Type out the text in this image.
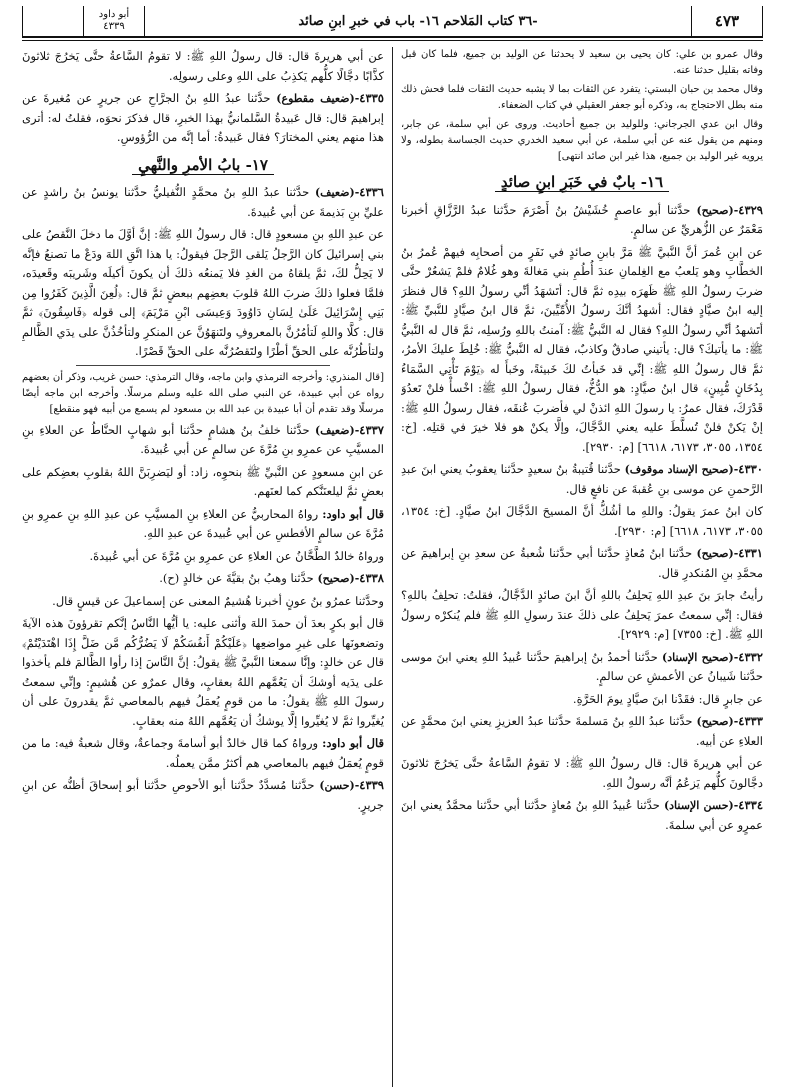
أبو داود
٤٣٣٩	-٣٦ كتاب المَلاحم ١٦- باب في خبرِ ابنِ صائد	٤٧٣

عن أبي هريرةَ قال: قال رسولُ اللهِ ﷺ: لا تقومُ السَّاعةُ حتَّى يَخرُجَ ثلاثونَ كذَّابًا دجَّالًا كلُّهم يَكذِبُ على اللهِ وعلى رسولِه.

٤٣٣٥-(ضعيف مقطوع) حدَّثنا عبدُ اللهِ بنُ الجرَّاحِ عن جريرٍ عن مُغيرةَ عن إبراهيمَ قال: قال عَبيدةُ السَّلمانيُّ بهذا الخبرِ، قال فذكرَ نحوَه، فقلتُ له: أترى هذا منهم يعني المختارَ؟ فقال عَبيدةُ: أما إنَّه من الرُّؤوسِ.

١٧- بابُ الأمرِ والنَّهيِ

٤٣٣٦-(ضعيف) حدَّثنا عبدُ اللهِ بنُ محمَّدٍ النُّفيليُّ حدَّثنا يونسُ بنُ راشدٍ عن عليِّ بنِ بَذيمةَ عن أبي عُبيدةَ.

عن عبدِ اللهِ بنِ مسعودٍ قال: قال رسولُ اللهِ ﷺ: إنَّ أوَّلَ ما دخلَ النَّقصُ على بني إسرائيلَ كان الرَّجلُ يَلقى الرَّجلَ فيقولُ: يا هذا اتَّقِ اللهَ ودَعْ ما تصنعُ فإنَّه لا يَحِلُّ لكَ، ثمَّ يلقاهُ من الغدِ فلا يَمنعُه ذلكَ أن يكونَ أكيلَه وشَريبَه وقَعيدَه، فلمَّا فعلوا ذلكَ ضربَ اللهُ قلوبَ بعضِهم ببعضٍ ثمَّ قال: ﴿لُعِنَ الَّذِينَ كَفَرُوا مِن بَنِي إِسْرَائِيلَ عَلَىٰ لِسَانِ دَاوُودَ وَعِيسَى ابْنِ مَرْيَمَ﴾ إلى قوله ﴿فَاسِقُونَ﴾ ثمَّ قال: كلَّا واللهِ لَتأمُرُنَّ بالمعروفِ ولتَنهَوُنَّ عن المنكرِ ولتأخُذُنَّ على يدَي الظَّالمِ ولتأطُرُنَّه على الحقِّ أطْرًا ولتَقصُرُنَّه على الحقِّ قَصْرًا.

[قال المنذري: وأخرجه الترمذي وابن ماجه، وقال الترمذي: حسن غريب، وذكر أن بعضهم رواه عن أبي عبيدة، عن النبي صلى الله عليه وسلم مرسلًا. وأخرجه ابن ماجه أيضًا مرسلًا وقد تقدم أن أبا عبيدة بن عبد الله بن مسعود لم يسمع من أبيه فهو منقطع]

٤٣٣٧-(ضعيف) حدَّثنا خلفُ بنُ هشامٍ حدَّثنا أبو شهابٍ الحنَّاطُ عن العلاءِ بنِ المسيَّبِ عن عمرِو بنِ مُرَّةَ عن سالمٍ عن أبي عُبيدةَ.

عن ابنِ مسعودٍ عن النَّبيِّ ﷺ بنحوِه، زاد: أو ليَضرِبَنَّ اللهُ بقلوبِ بعضِكم على بعضٍ ثمَّ ليلعنَنَّكم كما لعنَهم.

قال أبو داود: رواهُ المحاربيُّ عن العلاءِ بنِ المسيَّبِ عن عبدِ اللهِ بنِ عمرِو بنِ مُرَّةَ عن سالمٍ الأفطسِ عن أبي عُبيدةَ عن عبدِ اللهِ.

ورواهُ خالدٌ الطَّحَّانُ عن العلاءِ عن عمرِو بنِ مُرَّةَ عن أبي عُبيدةَ.

٤٣٣٨-(صحيح) حدَّثنا وهبُ بنُ بقيَّةَ عن خالدٍ (ح).

وحدَّثنا عمرُو بنُ عونٍ أخبرنا هُشيمٌ المعنى عن إسماعيلَ عن قيسٍ قال.

قال أبو بكرٍ بعدَ أن حمدَ اللهَ وأثنى عليه: يا أيُّها النَّاسُ إنَّكم تقرؤونَ هذه الآيةَ وتضعونَها على غيرِ مواضعِها ﴿عَلَيْكُمْ أَنفُسَكُمْ لَا يَضُرُّكُم مَّن ضَلَّ إِذَا اهْتَدَيْتُمْ﴾ قال عن خالدٍ: وإنَّا سمعنا النَّبيَّ ﷺ يقولُ: إنَّ النَّاسَ إذا رأوا الظَّالمَ فلم يأخذوا على يدَيه أوشكَ أن يَعُمَّهم اللهُ بعقابٍ، وقال عمرٌو عن هُشيمٍ: وإنِّي سمعتُ رسولَ اللهِ ﷺ يقولُ: ما من قومٍ يُعمَلُ فيهم بالمعاصي ثمَّ يقدرونَ على أن يُغيِّروا ثمَّ لا يُغيِّروا إلَّا يوشكُ أن يَعُمَّهم اللهُ منه بعقابٍ.

قال أبو داود: ورواهُ كما قال خالدٌ أبو أسامةَ وجماعةٌ، وقال شعبةُ فيه: ما من قومٍ يُعمَلُ فيهم بالمعاصي هم أكثرُ ممَّن يعملُه.

٤٣٣٩-(حسن) حدَّثنا مُسدَّدٌ حدَّثنا أبو الأحوصِ حدَّثنا أبو إسحاقَ أظنُّه عن ابنِ جريرٍ.

وقال عمرو بن علي: كان يحيى بن سعيد لا يحدثنا عن الوليد بن جميع، فلما كان قبل وفاته بقليل حدثنا عنه.

وقال محمد بن حبان البستي: يتفرد عن الثقات بما لا يشبه حديث الثقات فلما فحش ذلك منه بطل الاحتجاج به، وذكره أبو جعفر العقيلي في كتاب الضعفاء.

وقال ابن عدي الجرجاني: وللوليد بن جميع أحاديث. وروى عن أبي سلمة، عن جابر، ومنهم من يقول عنه عن أبي سلمة، عن أبي سعيد الخدري حديث الجساسة بطوله، ولا يرويه غير الوليد بن جميع، هذا غير ابن صائد انتهى]

١٦- بابٌ في خَبَرِ ابنِ صائدٍ

٤٣٢٩-(صحيح) حدَّثنا أبو عاصمٍ خُشَيْشُ بنُ أَصْرَمَ حدَّثنا عبدُ الرَّزَّاقِ أخبرنا مَعْمَرٌ عن الزُّهريِّ عن سالمٍ.

عن ابنِ عُمرَ أنَّ النَّبيَّ ﷺ مَرَّ بابنِ صائدٍ في نَفَرٍ من أصحابِه فيهمْ عُمرُ بنُ الخطَّابِ وهو يَلعبُ مع الغِلمانِ عندَ أُطُمِ بني مَغالةَ وهو غُلامٌ فلمْ يَشعُرْ حتَّى ضربَ رسولُ اللهِ ﷺ ظَهرَه بيدِه ثمَّ قال: أتَشهَدُ أنِّي رسولُ اللهِ؟ قال فنظرَ إليه ابنُ صيَّادٍ فقال: أشهدُ أنَّكَ رسولُ الأُمِّيِّينَ، ثمَّ قال ابنُ صيَّادٍ للنَّبيِّ ﷺ: أتَشهدُ أنِّي رسولُ اللهِ؟ فقال له النَّبيُّ ﷺ: آمنتُ باللهِ ورُسلِه، ثمَّ قال له النَّبيُّ ﷺ: ما يأتيكَ؟ قال: يأتيني صادقٌ وكاذبٌ، فقال له النَّبيُّ ﷺ: خُلِطَ عليكَ الأمرُ، ثمَّ قال رسولُ اللهِ ﷺ: إنِّي قد خَبأتُ لكَ خَبيئةً، وخَبأَ له ﴿يَوْمَ تَأْتِي السَّمَاءُ بِدُخَانٍ مُّبِينٍ﴾ قال ابنُ صيَّادٍ: هو الدُّخُّ، فقال رسولُ اللهِ ﷺ: اخْسأْ فلنْ تَعدُوَ قَدْرَكَ، فقال عمرُ: يا رسولَ اللهِ ائذنْ لي فأضربَ عُنقَه، فقال رسولُ اللهِ ﷺ: إنْ يَكنْ فلنْ تُسلَّطَ عليه يعني الدَّجَّالَ، وإلَّا يكنْ هو فلا خيرَ في قتلِه. [خ: ١٣٥٤، ٣٠٥٥، ٦١٧٣، ٦٦١٨] [م: ٢٩٣٠].

٤٣٣٠-(صحيح الإسناد موقوف) حدَّثنا قُتيبةُ بنُ سعيدٍ حدَّثنا يعقوبُ يعني ابنَ عبدِ الرَّحمنِ عن موسى بنِ عُقبةَ عن نافعٍ قال.

كان ابنُ عمرَ يقولُ: واللهِ ما أشُكُّ أنَّ المسيحَ الدَّجَّالَ ابنُ صيَّادٍ. [خ: ١٣٥٤، ٣٠٥٥، ٦١٧٣، ٦٦١٨] [م: ٢٩٣٠].

٤٣٣١-(صحيح) حدَّثنا ابنُ مُعاذٍ حدَّثنا أبي حدَّثنا شُعبةُ عن سعدِ بنِ إبراهيمَ عن محمَّدِ بنِ المُنكدرِ قال.

رأيتُ جابرَ بنَ عبدِ اللهِ يَحلِفُ باللهِ أنَّ ابنَ صائدٍ الدَّجَّالُ، فقلتُ: تحلِفُ باللهِ؟ فقال: إنِّي سمعتُ عمرَ يَحلِفُ على ذلكَ عندَ رسولِ اللهِ ﷺ فلم يُنكرْه رسولُ اللهِ ﷺ. [خ: ٧٣٥٥] [م: ٢٩٢٩].

٤٣٣٢-(صحيح الإسناد) حدَّثنا أحمدُ بنُ إبراهيمَ حدَّثنا عُبيدُ اللهِ يعني ابنَ موسى حدَّثنا شَيبانُ عن الأعمشِ عن سالمٍ.

عن جابرٍ قال: فقَدْنا ابنَ صيَّادٍ يومَ الحَرَّةِ.

٤٣٣٣-(صحيح) حدَّثنا عبدُ اللهِ بنُ مَسلمةَ حدَّثنا عبدُ العزيزِ يعني ابنَ محمَّدٍ عن العلاءِ عن أبيه.

عن أبي هريرةَ قال: قال رسولُ اللهِ ﷺ: لا تقومُ السَّاعةُ حتَّى يَخرُجَ ثلاثونَ دجَّالونَ كلُّهم يَزعُمُ أنَّه رسولُ اللهِ.

٤٣٣٤-(حسن الإسناد) حدَّثنا عُبيدُ اللهِ بنُ مُعاذٍ حدَّثنا أبي حدَّثنا محمَّدٌ يعني ابنَ عمرٍو عن أبي سلمةَ.
